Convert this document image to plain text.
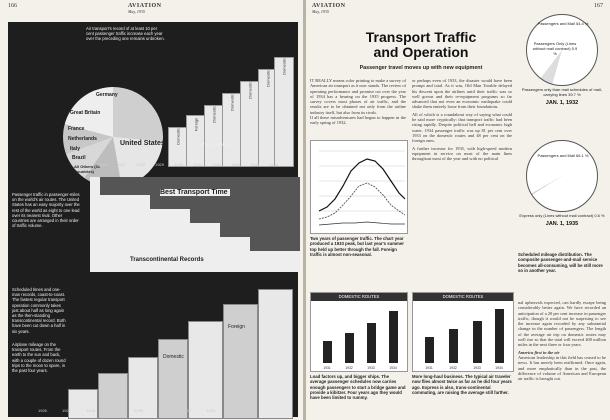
166	AVIATION
May, 1935
Air transport's record of at least 10 per cent passenger traffic increase each year over the preceding one remains unbroken.
Germany
Great Britain
France
Netherlands
Italy
Brazil
All Others (31 Countries)
United States	Domestic
Foreign
Domestic
Domestic
Domestic
Domestic
Domestic
Foreign Routes
1926	1927	1928	1929	1930	1931	1932	1933	1934	1935
Passenger traffic in passenger-miles on the world's air routes. The United States has an easy majority over the rest of the world as eight to one lead over its nearest rival. Other countries are arranged in their order of traffic volume.
Best Transport Time
Transcontinental Records
Scheduled times and one-man records, coast-to-coast. The fastest regular transport operation commonly takes just about half as long again as the then-standing transcontinental record. Both have been cut down a half in six years.
Airplane mileage on the transport routes. From the earth to the sun and back, with a couple of dozen round trips to the moon to spare, in the past four years.
Domestic
Foreign
1926	1927	1928	1929	1930	1931	1932	1933	1934
AVIATION
May, 1935
167
Transport Traffic
and Operation
Passenger travel moves up with new equipment
IT REALLY means color printing to make a survey of American air transport as it now stands. The review of operating performance and promise cut over the year of 1934 has a bearing on the 1935 progress. The survey covers most phases of air traffic, and the results are to be obtained not only from the airline industry itself, but also from its rivals.
If all these misadventures had begun to happen in the early spring of 1932,
Two years of passenger traffic. The chart year produced a 1933 peak, but last year's summer top held up better through the fall. Foreign traffic is almost non-seasonal.
or perhaps even of 1933, the disaster would have been prompt and total. As it was, Old Man Trouble delayed his descent upon the airlines until their traffic was so well grown and their re-equipment programs so far advanced that not even an economic earthquake could shake them entirely loose from their foundations.
All of which is a roundabout way of saying what could be said more cryptically: that transport traffic had been rising rapidly. Despite political hell and economic high water, 1934 passenger traffic was up 81 per cent over 1933 on the domestic routes and 48 per cent on the foreign ones.
A further increase for 1935, with high-speed modern equipment in service on most of the main lines throughout most of the year and with no political
DOMESTIC ROUTES
1931	1932	1933	1934
Load factors up, and bigger ships. The average passenger schedules now carries enough passengers to start a bridge game and provide a kibitzer. Four years ago they would have been limited to rummy.
DOMESTIC ROUTES
1931	1932	1933	1934
More long-haul business. The typical air traveler now flies almost twice as far as he did four years ago. Express is also, trans-continental commuting, are raising the average still farther.
Passengers and Mail 54.4 %
Passengers Only (Lines without mail contract) 5.9 %
Passengers only than mail schedules of mail-carrying lines 39.7 %
JAN. 1, 1932
Passengers and Mail 66.1 %
Express only (Lines without mail contract) 0.6 %
JAN. 1, 1935
Scheduled mileage distribution. The composite passenger-and-mail service becomes all-consuming, will be still more so in another year.
nal upheavals expected, can hardly escape being considerably better again. We have recorded an anticipation of a 20 per cent increase in passenger traffic, though it would not be surprising to see the increase again recorded by any substantial change in the number of passengers. The length of the average air trip on domestic routes may well rise so that the total will exceed 400 million miles in the next three or four years.
America first in the air
American leadership in this field has ceased to be news. It has merely been reaffirmed. Once again, and more emphatically than in the past, the difference of volume of American and European air traffic is brought out.
